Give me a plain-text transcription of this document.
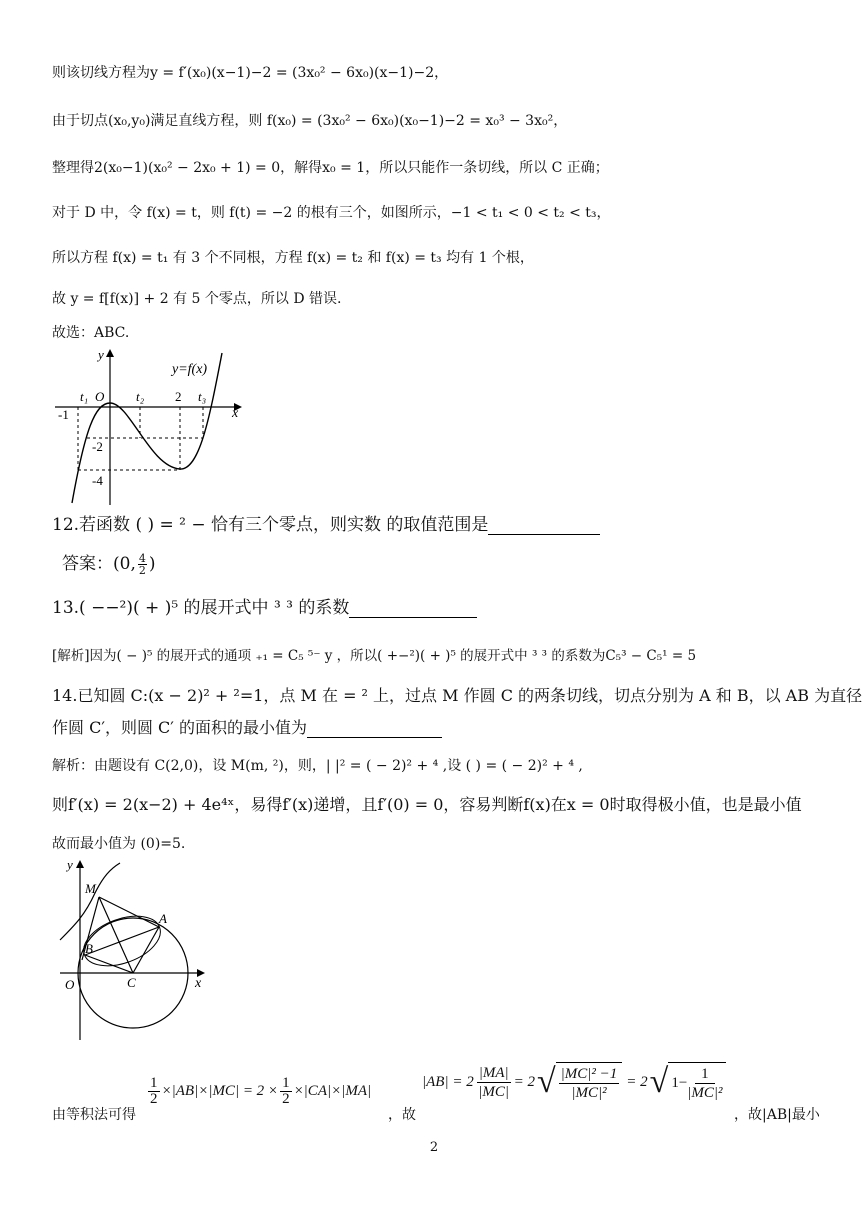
则该切线方程为y = f′(x₀)(x−1)−2 = (3x₀² − 6x₀)(x−1)−2，
由于切点(x₀,y₀)满足直线方程，则 f(x₀) = (3x₀² − 6x₀)(x₀−1)−2 = x₀³ − 3x₀²，
整理得2(x₀−1)(x₀² − 2x₀ + 1) = 0，解得x₀ = 1，所以只能作一条切线，所以 C 正确；
对于 D 中，令 f(x) = t，则 f(t) = −2 的根有三个，如图所示，−1 < t₁ < 0 < t₂ < t₃，
所以方程 f(x) = t₁ 有 3 个不同根，方程 f(x) = t₂ 和 f(x) = t₃ 均有 1 个根，
故 y = f[f(x)] + 2 有 5 个零点，所以 D 错误.
故选：ABC.
y=f(x)
y
x
O
t₁	t₂ 2 t₃
-1
-2
-4
12.若函数 ( ) = ² − 恰有三个零点，则实数 的取值范围是
答案：(0, $\frac{4}{2}$ )
13.( −−²)( + )⁵ 的展开式中 ³ ³ 的系数
[解析]因为( − )⁵ 的展开式的通项 ₊₁ = C₅ ⁵⁻ y ，所以( +−²)( + )⁵ 的展开式中 ³ ³ 的系数为C₅³ − C₅¹ = 5
14.已知圆 C:(x − 2)² + ²=1，点 M 在 = ² 上，过点 M 作圆 C 的两条切线，切点分别为 A 和 B，以 AB 为直径
作圆 C′，则圆 C′ 的面积的最小值为
解析：由题设有 C(2,0)，设 M(m, ²)，则，| |² = ( − 2)² + ⁴ ,设 ( ) = ( − 2)² + ⁴ ,
则f′(x) = 2(x−2) + 4e⁴ˣ，易得f′(x)递增，且f′(0) = 0，容易判断f(x)在x = 0时取得极小值，也是最小值
故而最小值为 (0)=5.
y
x
O
M
A
B
C
由等积法可得
$\frac{1}{2} \times|AB|\times|MC| = 2 \times \frac{1}{2} \times|CA|\times|MA|$
，故
$|AB| = 2 \frac{|MA|}{|MC|} = 2$ √ $\frac{\text{|MC|² −1}}{\text{|MC|²}} = 2$ √ $1- \frac{1}{\text{|MC|²}}$
，故|AB|最小
2
